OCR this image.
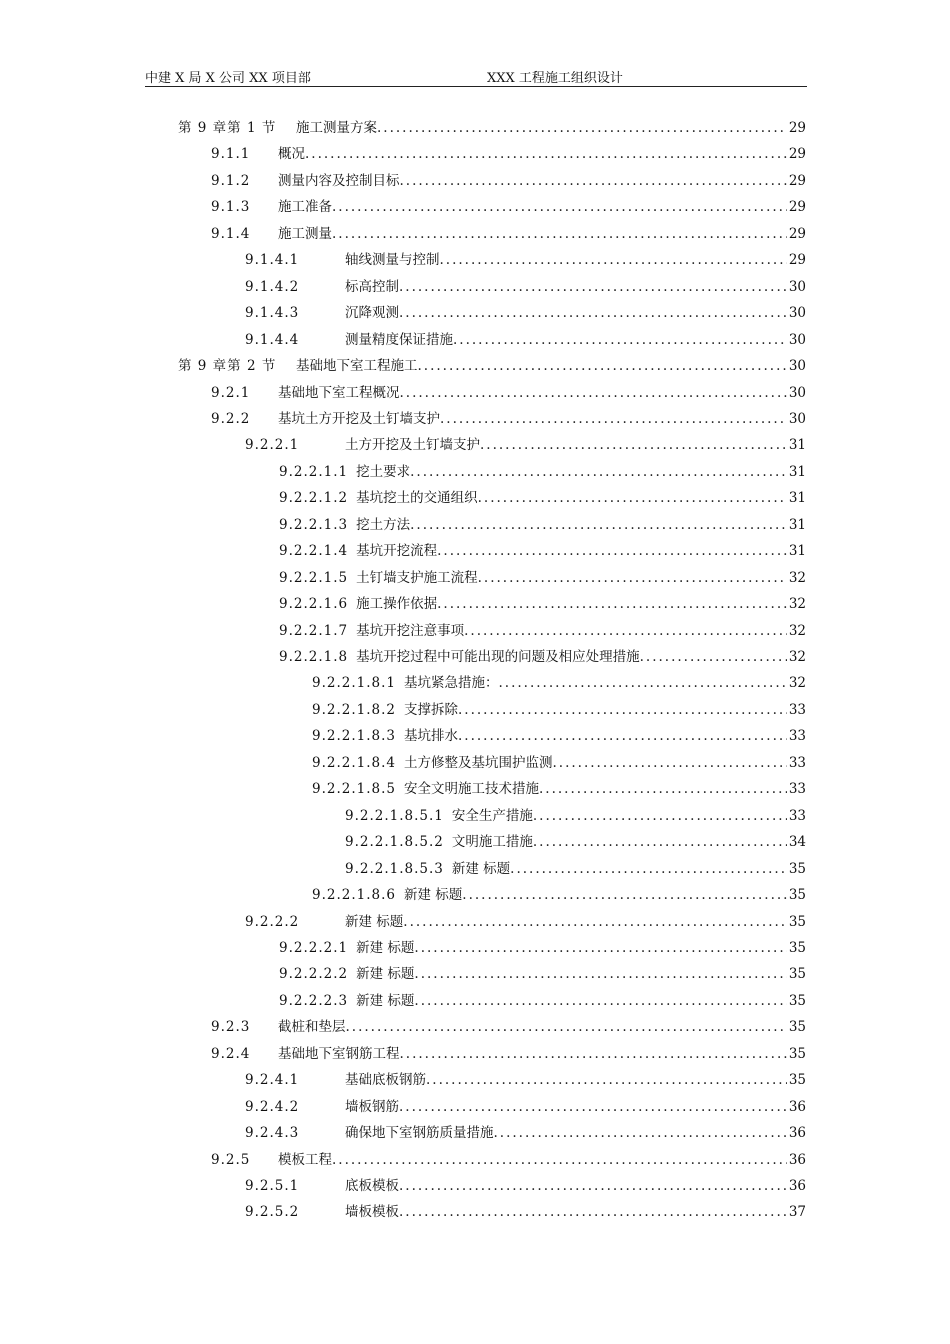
中建 X 局 X 公司 XX 项目部	XXX 工程施工组织设计
第 9 章第 1 节	施工测量方案 .....	29
9.1.1	概况 .....	29
9.1.2	测量内容及控制目标 .....	29
9.1.3	施工准备 .....	29
9.1.4	施工测量 .....	29
9.1.4.1	轴线测量与控制 .....	29
9.1.4.2	标高控制 .....	30
9.1.4.3	沉降观测 .....	30
9.1.4.4	测量精度保证措施 .....	30
第 9 章第 2 节	基础地下室工程施工 .....	30
9.2.1	基础地下室工程概况 .....	30
9.2.2	基坑土方开挖及土钉墙支护 .....	30
9.2.2.1	土方开挖及土钉墙支护 .....	31
9.2.2.1.1 挖土要求 .....	31
9.2.2.1.2 基坑挖土的交通组织 .....	31
9.2.2.1.3 挖土方法 .....	31
9.2.2.1.4 基坑开挖流程 .....	31
9.2.2.1.5 土钉墙支护施工流程 .....	32
9.2.2.1.6 施工操作依据 .....	32
9.2.2.1.7 基坑开挖注意事项 .....	32
9.2.2.1.8 基坑开挖过程中可能出现的问题及相应处理措施 .....	32
9.2.2.1.8.1 基坑紧急措施： .....	32
9.2.2.1.8.2 支撑拆除 .....	33
9.2.2.1.8.3 基坑排水 .....	33
9.2.2.1.8.4 土方修整及基坑围护监测 .....	33
9.2.2.1.8.5 安全文明施工技术措施 .....	33
9.2.2.1.8.5.1 安全生产措施 .....	33
9.2.2.1.8.5.2 文明施工措施 .....	34
9.2.2.1.8.5.3 新建 标题 .....	35
9.2.2.1.8.6 新建 标题 .....	35
9.2.2.2	新建 标题 .....	35
9.2.2.2.1 新建 标题 .....	35
9.2.2.2.2 新建 标题 .....	35
9.2.2.2.3 新建 标题 .....	35
9.2.3	截桩和垫层 .....	35
9.2.4	基础地下室钢筋工程 .....	35
9.2.4.1	基础底板钢筋 .....	35
9.2.4.2	墙板钢筋 .....	36
9.2.4.3	确保地下室钢筋质量措施 .....	36
9.2.5	模板工程 .....	36
9.2.5.1	底板模板 .....	36
9.2.5.2	墙板模板 .....	37
